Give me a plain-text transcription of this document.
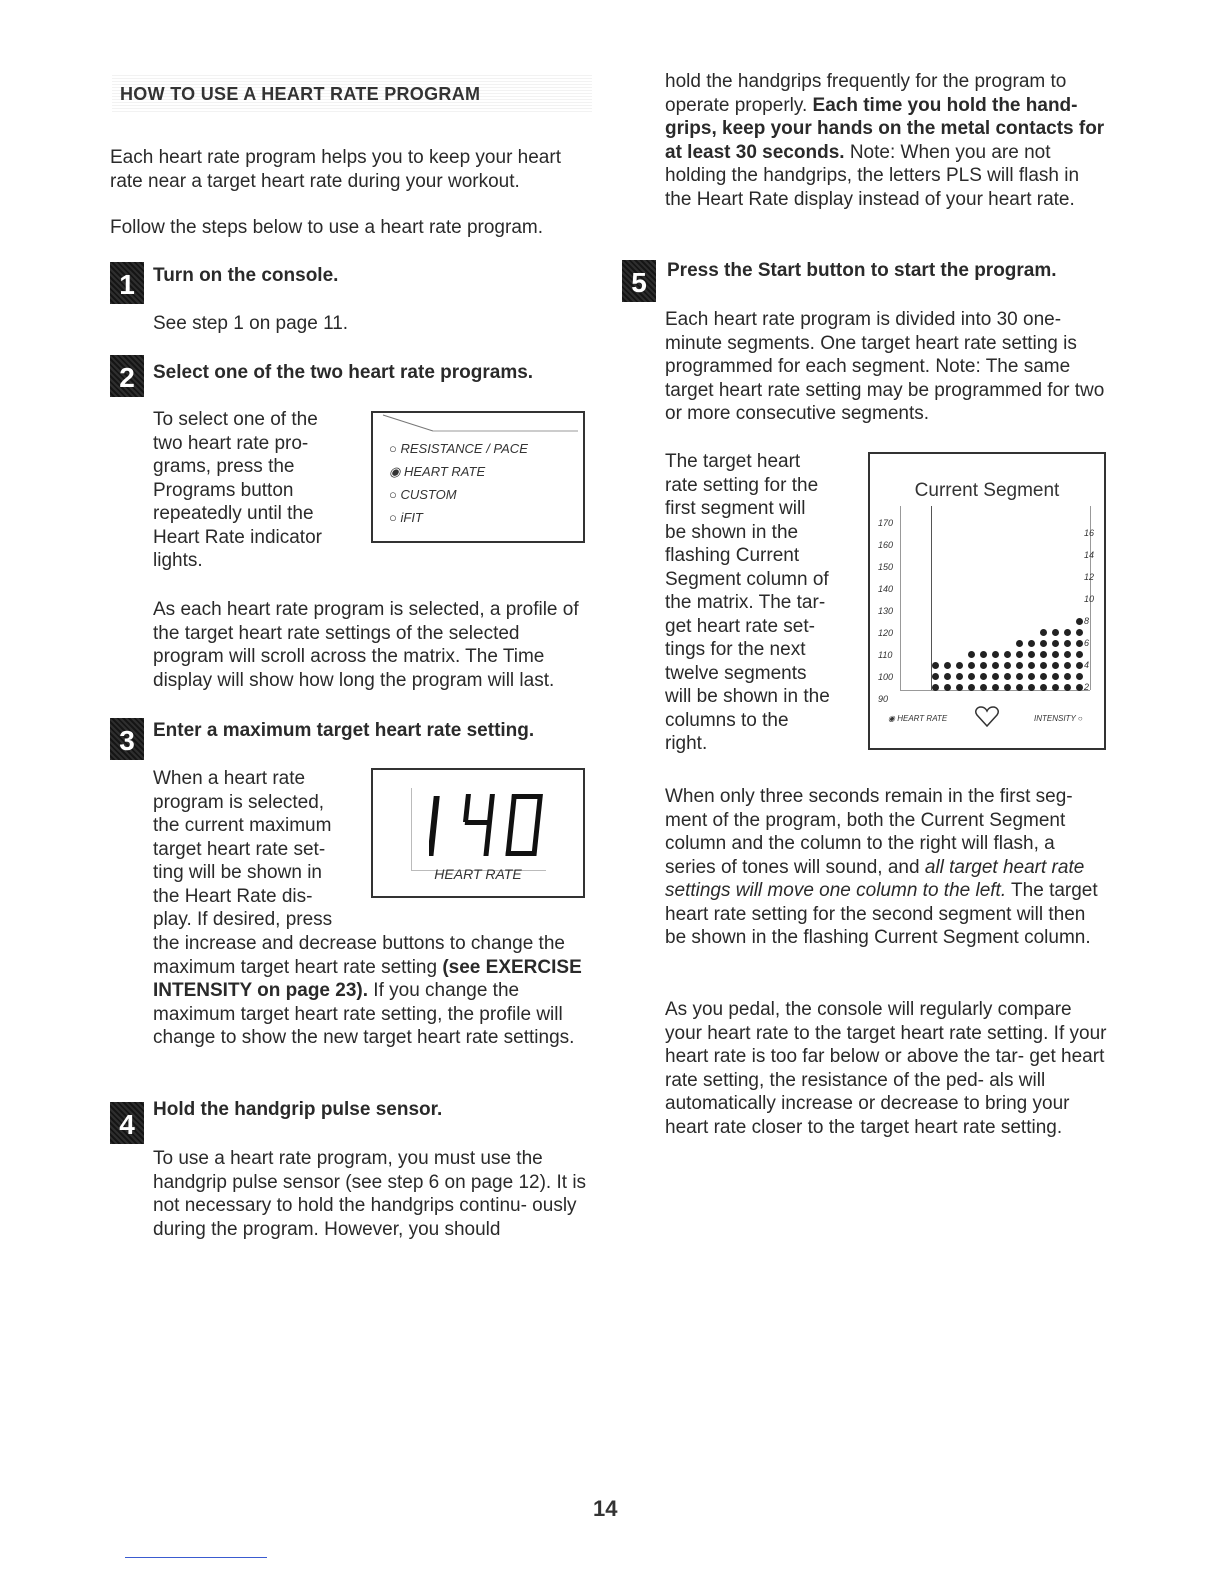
HOW TO USE A HEART RATE PROGRAM

Each heart rate program helps you to keep your heart rate near a target heart rate during your workout.

Follow the steps below to use a heart rate program.

1 Turn on the console.

See step 1 on page 11.

2 Select one of the two heart rate programs.
To select one of the
two heart rate pro-
grams, press the
Programs button
repeatedly until the
Heart Rate indicator
lights.
○ RESISTANCE / PACE
◉ HEART RATE
○ CUSTOM
○ iFIT

As each heart rate program is selected, a profile of the target heart rate settings of the selected program will scroll across the matrix. The Time display will show how long the program will last.

3 Enter a maximum target heart rate setting.
When a heart rate
program is selected,
the current maximum
target heart rate set-
ting will be shown in
the Heart Rate dis-
play. If desired, press
HEART RATE
the increase and decrease buttons to change the maximum target heart rate setting (see EXERCISE INTENSITY on page 23). If you change the maximum target heart rate setting, the profile will change to show the new target heart rate settings.
4 Hold the handgrip pulse sensor.

To use a heart rate program, you must use the handgrip pulse sensor (see step 6 on page 12). It is not necessary to hold the handgrips continu- ously during the program. However, you should

hold the handgrips frequently for the program to operate properly. Each time you hold the hand- grips, keep your hands on the metal contacts for at least 30 seconds. Note: When you are not holding the handgrips, the letters PLS will flash in the Heart Rate display instead of your heart rate.
5	Press the Start button to start the program.

Each heart rate program is divided into 30 one- minute segments. One target heart rate setting is programmed for each segment. Note: The same target heart rate setting may be programmed for two or more consecutive segments.

The target heart
rate setting for the
first segment will
be shown in the
flashing Current
Segment column of
the matrix. The tar-
get heart rate set-
tings for the next
twelve segments
will be shown in the
columns to the
right.
Current Segment
170
160
150
140
130
120
110
100
90
16
14
12
10
8
6
4
2
◉ HEART RATE	INTENSITY ○
When only three seconds remain in the first seg- ment of the program, both the Current Segment column and the column to the right will flash, a series of tones will sound, and all target heart rate settings will move one column to the left. The target heart rate setting for the second segment will then be shown in the flashing Current Segment column.

As you pedal, the console will regularly compare your heart rate to the target heart rate setting. If your heart rate is too far below or above the tar- get heart rate setting, the resistance of the ped- als will automatically increase or decrease to bring your heart rate closer to the target heart rate setting.

14
